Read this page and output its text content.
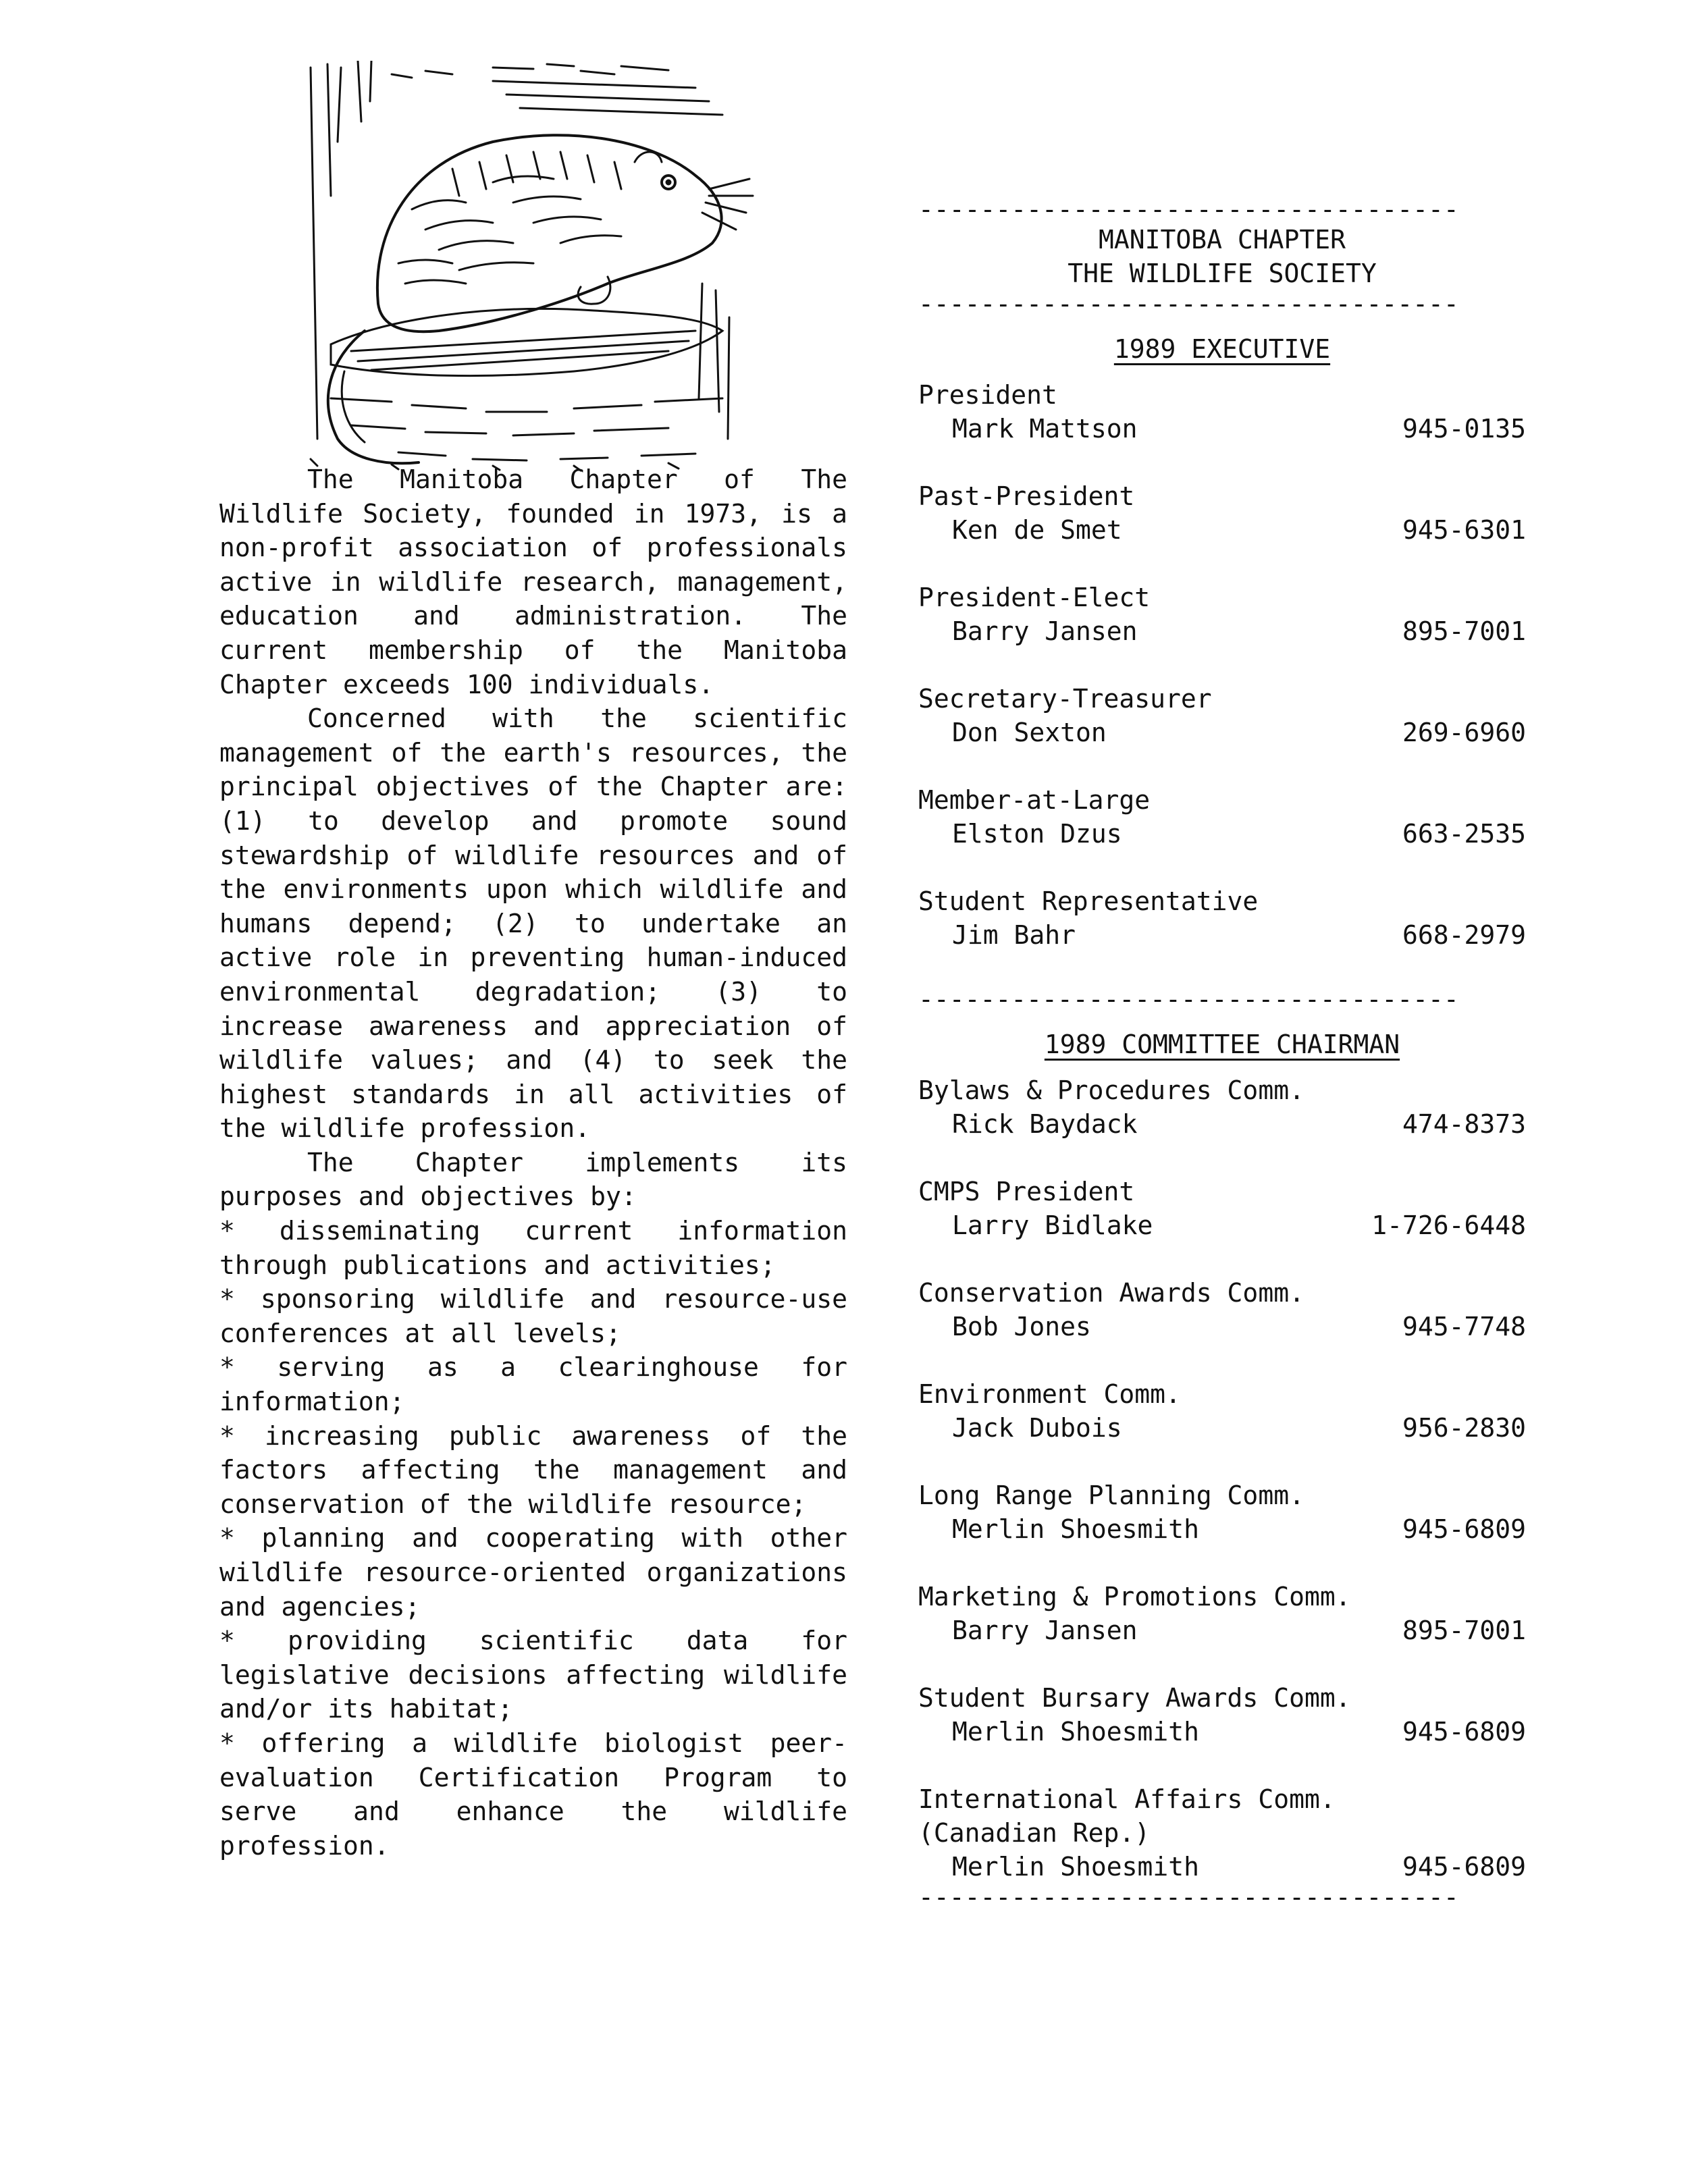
The Manitoba Chapter of The Wildlife Society, founded in 1973, is a non-profit association of professionals active in wildlife research, management, education and administration. The current membership of the Manitoba Chapter exceeds 100 individuals.

Concerned with the scientific management of the earth's resources, the principal objectives of the Chapter are: (1) to develop and promote sound stewardship of wildlife resources and of the environments upon which wildlife and humans depend; (2) to undertake an active role in preventing human-induced environmental degradation; (3) to increase awareness and appreciation of wildlife values; and (4) to seek the highest standards in all activities of the wildlife profession.

The Chapter implements its purposes and objectives by:

* disseminating current information through publications and activities;

* sponsoring wildlife and resource-use conferences at all levels;

* serving as a clearinghouse for information;

* increasing public awareness of the factors affecting the management and conservation of the wildlife resource;

* planning and cooperating with other wildlife resource-oriented organizations and agencies;

* providing scientific data for legislative decisions affecting wildlife and/or its habitat;

* offering a wildlife biologist peer-evaluation Certification Program to serve and enhance the wildlife profession.

-----------------------------------
MANITOBA CHAPTER
THE WILDLIFE SOCIETY
-----------------------------------
1989 EXECUTIVE
President
Mark Mattson	945-0135
Past-President
Ken de Smet	945-6301
President-Elect
Barry Jansen	895-7001
Secretary-Treasurer
Don Sexton	269-6960
Member-at-Large
Elston Dzus	663-2535
Student Representative
Jim Bahr	668-2979
-----------------------------------
1989 COMMITTEE CHAIRMAN
Bylaws & Procedures Comm.
Rick Baydack	474-8373
CMPS President
Larry Bidlake	1-726-6448
Conservation Awards Comm.
Bob Jones	945-7748
Environment Comm.
Jack Dubois	956-2830
Long Range Planning Comm.
Merlin Shoesmith	945-6809
Marketing & Promotions Comm.
Barry Jansen	895-7001
Student Bursary Awards Comm.
Merlin Shoesmith	945-6809
International Affairs Comm.
(Canadian Rep.)
Merlin Shoesmith	945-6809
-----------------------------------
